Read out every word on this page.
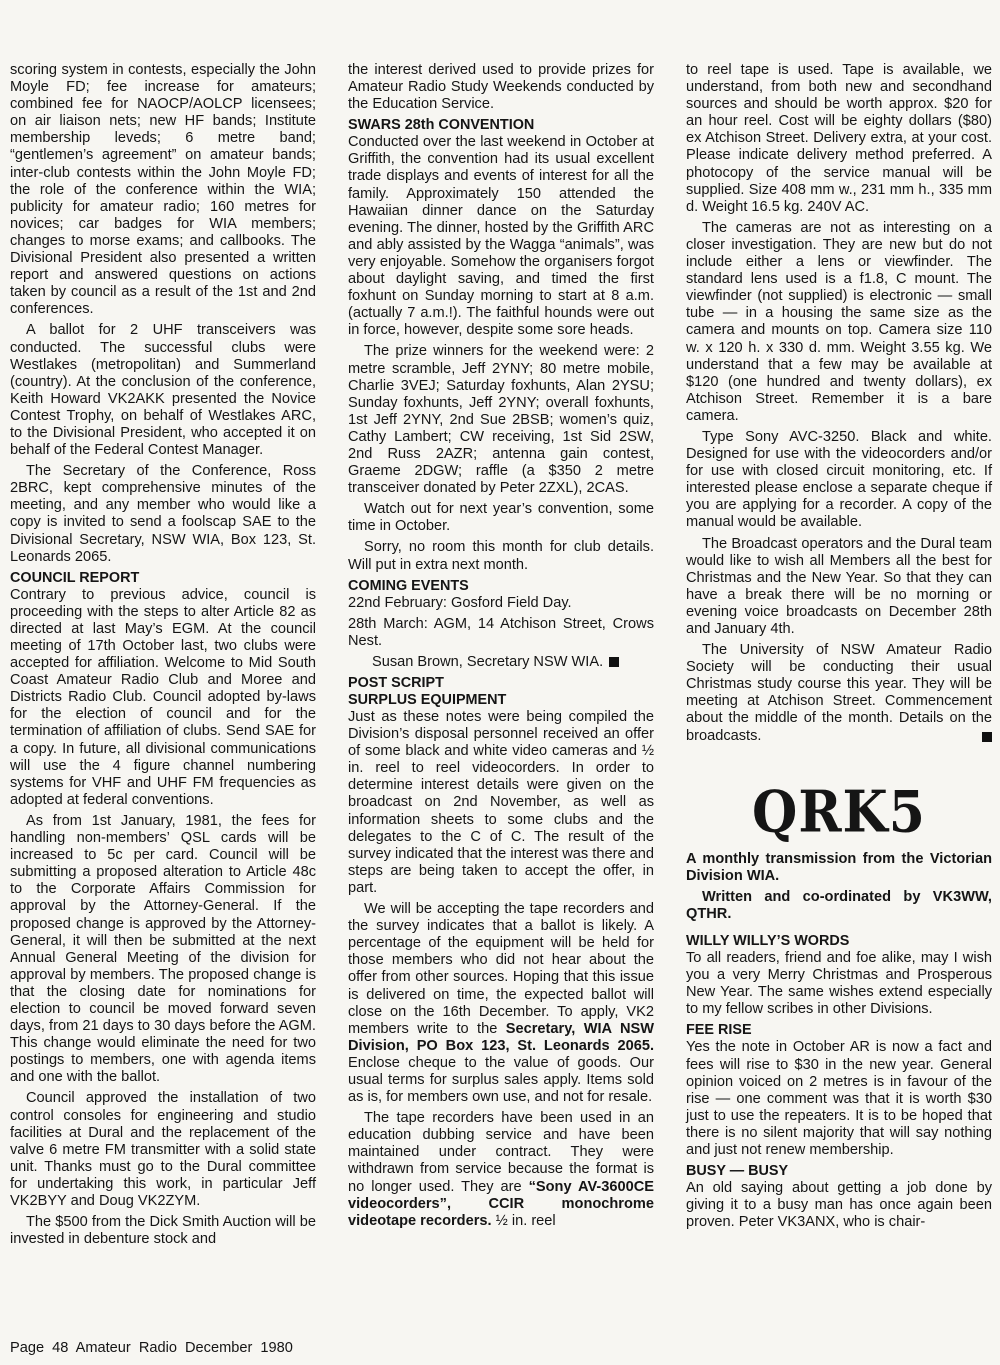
scoring system in contests, especially the John Moyle FD; fee increase for amateurs; combined fee for NAOCP/AOLCP licensees; on air liaison nets; new HF bands; Institute membership leveds; 6 metre band; “gentlemen’s agreement” on amateur bands; inter-club contests within the John Moyle FD; the role of the conference within the WIA; publicity for amateur radio; 160 metres for novices; car badges for WIA members; changes to morse exams; and callbooks. The Divisional President also presented a written report and answered questions on actions taken by council as a result of the 1st and 2nd conferences.

A ballot for 2 UHF transceivers was conducted. The successful clubs were Westlakes (metropolitan) and Summerland (country). At the conclusion of the conference, Keith Howard VK2AKK presented the Novice Contest Trophy, on behalf of Westlakes ARC, to the Divisional President, who accepted it on behalf of the Federal Contest Manager.

The Secretary of the Conference, Ross 2BRC, kept comprehensive minutes of the meeting, and any member who would like a copy is invited to send a foolscap SAE to the Divisional Secretary, NSW WIA, Box 123, St. Leonards 2065.

COUNCIL REPORT

Contrary to previous advice, council is proceeding with the steps to alter Article 82 as directed at last May’s EGM. At the council meeting of 17th October last, two clubs were accepted for affiliation. Welcome to Mid South Coast Amateur Radio Club and Moree and Districts Radio Club. Council adopted by-laws for the election of council and for the termination of affiliation of clubs. Send SAE for a copy. In future, all divisional communications will use the 4 figure channel numbering systems for VHF and UHF FM frequencies as adopted at federal conventions.

As from 1st January, 1981, the fees for handling non-members’ QSL cards will be increased to 5c per card. Council will be submitting a proposed alteration to Article 48c to the Corporate Affairs Commission for approval by the Attorney-General. If the proposed change is approved by the Attorney-General, it will then be submitted at the next Annual General Meeting of the division for approval by members. The proposed change is that the closing date for nominations for election to council be moved forward seven days, from 21 days to 30 days before the AGM. This change would eliminate the need for two postings to members, one with agenda items and one with the ballot.

Council approved the installation of two control consoles for engineering and studio facilities at Dural and the replacement of the valve 6 metre FM transmitter with a solid state unit. Thanks must go to the Dural committee for undertaking this work, in particular Jeff VK2BYY and Doug VK2ZYM.

The $500 from the Dick Smith Auction will be invested in debenture stock and

the interest derived used to provide prizes for Amateur Radio Study Weekends conducted by the Education Service.

SWARS 28th CONVENTION

Conducted over the last weekend in October at Griffith, the convention had its usual excellent trade displays and events of interest for all the family. Approximately 150 attended the Hawaiian dinner dance on the Saturday evening. The dinner, hosted by the Griffith ARC and ably assisted by the Wagga “animals”, was very enjoyable. Somehow the organisers forgot about daylight saving, and timed the first foxhunt on Sunday morning to start at 8 a.m. (actually 7 a.m.!). The faithful hounds were out in force, however, despite some sore heads.

The prize winners for the weekend were: 2 metre scramble, Jeff 2YNY; 80 metre mobile, Charlie 3VEJ; Saturday foxhunts, Alan 2YSU; Sunday foxhunts, Jeff 2YNY; overall foxhunts, 1st Jeff 2YNY, 2nd Sue 2BSB; women’s quiz, Cathy Lambert; CW receiving, 1st Sid 2SW, 2nd Russ 2AZR; antenna gain contest, Graeme 2DGW; raffle (a $350 2 metre transceiver donated by Peter 2ZXL), 2CAS.

Watch out for next year’s convention, some time in October.

Sorry, no room this month for club details. Will put in extra next month.

COMING EVENTS

22nd February: Gosford Field Day.

28th March: AGM, 14 Atchison Street, Crows Nest.

Susan Brown, Secretary NSW WIA.

POST SCRIPT
SURPLUS EQUIPMENT

Just as these notes were being compiled the Division’s disposal personnel received an offer of some black and white video cameras and ½ in. reel to reel videocorders. In order to determine interest details were given on the broadcast on 2nd November, as well as information sheets to some clubs and the delegates to the C of C. The result of the survey indicated that the interest was there and steps are being taken to accept the offer, in part.

We will be accepting the tape recorders and the survey indicates that a ballot is likely. A percentage of the equipment will be held for those members who did not hear about the offer from other sources. Hoping that this issue is delivered on time, the expected ballot will close on the 16th December. To apply, VK2 members write to the Secretary, WIA NSW Division, PO Box 123, St. Leonards 2065. Enclose cheque to the value of goods. Our usual terms for surplus sales apply. Items sold as is, for members own use, and not for resale.

The tape recorders have been used in an education dubbing service and have been maintained under contract. They were withdrawn from service because the format is no longer used. They are “Sony AV-3600CE videocorders”, CCIR monochrome videotape recorders. ½ in. reel

to reel tape is used. Tape is available, we understand, from both new and secondhand sources and should be worth approx. $20 for an hour reel. Cost will be eighty dollars ($80) ex Atchison Street. Delivery extra, at your cost. Please indicate delivery method preferred. A photocopy of the service manual will be supplied. Size 408 mm w., 231 mm h., 335 mm d. Weight 16.5 kg. 240V AC.

The cameras are not as interesting on a closer investigation. They are new but do not include either a lens or viewfinder. The standard lens used is a f1.8, C mount. The viewfinder (not supplied) is electronic — small tube — in a housing the same size as the camera and mounts on top. Camera size 110 w. x 120 h. x 330 d. mm. Weight 3.55 kg. We understand that a few may be available at $120 (one hundred and twenty dollars), ex Atchison Street. Remember it is a bare camera.

Type Sony AVC-3250. Black and white. Designed for use with the videocorders and/or for use with closed circuit monitoring, etc. If interested please enclose a separate cheque if you are applying for a recorder. A copy of the manual would be available.

The Broadcast operators and the Dural team would like to wish all Members all the best for Christmas and the New Year. So that they can have a break there will be no morning or evening voice broadcasts on December 28th and January 4th.

The University of NSW Amateur Radio Society will be conducting their usual Christmas study course this year. They will be meeting at Atchison Street. Commencement about the middle of the month. Details on the broadcasts.

QRK5

A monthly transmission from the Victorian Division WIA.

Written and co-ordinated by VK3WW, QTHR.

WILLY WILLY’S WORDS

To all readers, friend and foe alike, may I wish you a very Merry Christmas and Prosperous New Year. The same wishes extend especially to my fellow scribes in other Divisions.

FEE RISE

Yes the note in October AR is now a fact and fees will rise to $30 in the new year. General opinion voiced on 2 metres is in favour of the rise — one comment was that it is worth $30 just to use the repeaters. It is to be hoped that there is no silent majority that will say nothing and just not renew membership.

BUSY — BUSY

An old saying about getting a job done by giving it to a busy man has once again been proven. Peter VK3ANX, who is chair-

Page 48 Amateur Radio December 1980
